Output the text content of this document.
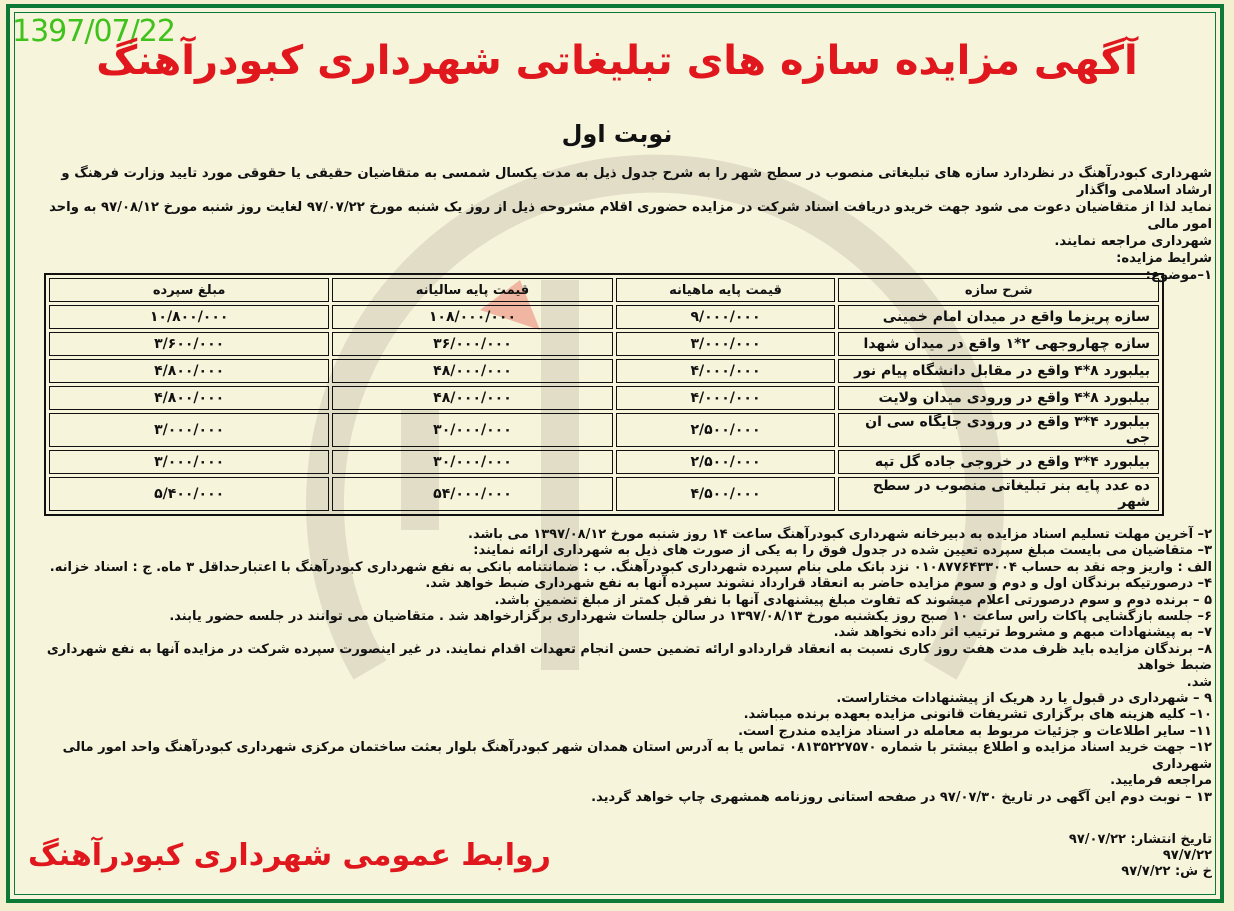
1397/07/22
آگهی مزایده سازه های تبلیغاتی شهرداری کبودرآهنگ
نوبت اول

شهرداری کبودرآهنگ در نظردارد سازه های تبلیغاتی منصوب در سطح شهر را به شرح جدول ذیل به مدت یکسال شمسی به متقاضیان حقیقی یا حقوقی مورد تایید وزارت فرهنگ و ارشاد اسلامی واگذار

نماید لذا از متقاضیان دعوت می شود جهت خریدو دریافت اسناد شرکت در مزایده حضوری اقلام مشروحه ذیل از روز یک شنبه مورخ ۹۷/۰۷/۲۲ لغایت روز شنبه مورخ ۹۷/۰۸/۱۲ به واحد امور مالی

شهرداری مراجعه نمایند.

شرایط مزایده:

۱–موضوع:

شرح سازه	قیمت پایه ماهیانه	قیمت پایه سالیانه	مبلغ سپرده
سازه پریزما واقع در میدان امام خمینی	۹/۰۰۰/۰۰۰	۱۰۸/۰۰۰/۰۰۰	۱۰/۸۰۰/۰۰۰
سازه چهاروجهی ۲*۱ واقع در میدان شهدا	۳/۰۰۰/۰۰۰	۳۶/۰۰۰/۰۰۰	۳/۶۰۰/۰۰۰
بیلبورد ۸*۴ واقع در مقابل دانشگاه پیام نور	۴/۰۰۰/۰۰۰	۴۸/۰۰۰/۰۰۰	۴/۸۰۰/۰۰۰
بیلبورد ۸*۴ واقع در ورودی میدان ولایت	۴/۰۰۰/۰۰۰	۴۸/۰۰۰/۰۰۰	۴/۸۰۰/۰۰۰
بیلبورد ۴*۳ واقع در ورودی جایگاه سی ان جی	۲/۵۰۰/۰۰۰	۳۰/۰۰۰/۰۰۰	۳/۰۰۰/۰۰۰
بیلبورد ۴*۳ واقع در خروجی جاده گل تپه	۲/۵۰۰/۰۰۰	۳۰/۰۰۰/۰۰۰	۳/۰۰۰/۰۰۰
ده عدد پایه بنر تبلیغاتی منصوب در سطح شهر	۴/۵۰۰/۰۰۰	۵۴/۰۰۰/۰۰۰	۵/۴۰۰/۰۰۰

۲– آخرین مهلت تسلیم اسناد مزایده به دبیرخانه شهرداری کبودرآهنگ ساعت ۱۴ روز شنبه مورخ ۱۳۹۷/۰۸/۱۲ می باشد.

۳– متقاضیان می بایست مبلغ سپرده تعیین شده در جدول فوق را به یکی از صورت های ذیل به شهرداری ارائه نمایند:

الف : واریز وجه نقد به حساب ۰۱۰۸۷۷۶۴۳۳۰۰۴ نزد بانک ملی بنام سپرده شهرداری کبودرآهنگ. ب : ضمانتنامه بانکی به نفع شهرداری کبودرآهنگ با اعتبارحداقل ۳ ماه. ج : اسناد خزانه.

۴– درصورتیکه برندگان اول و دوم و سوم مزایده حاضر به انعقاد قرارداد نشوند سپرده آنها به نفع شهرداری ضبط خواهد شد.

۵ – برنده دوم و سوم درصورتی اعلام میشوند که تفاوت مبلغ پیشنهادی آنها با نفر قبل کمتر از مبلغ تضمین باشد.

۶– جلسه بازگشایی پاکات راس ساعت ۱۰ صبح روز یکشنبه مورخ ۱۳۹۷/۰۸/۱۳ در سالن جلسات شهرداری برگزارخواهد شد . متقاضیان می توانند در جلسه حضور یابند.

۷– به پیشنهادات مبهم و مشروط ترتیب اثر داده نخواهد شد.

۸– برندگان مزایده باید ظرف مدت هفت روز کاری نسبت به انعقاد قراردادو ارائه تضمین حسن انجام تعهدات اقدام نمایند. در غیر اینصورت سپرده شرکت در مزایده آنها به نفع شهرداری ضبط خواهد

شد.

۹ – شهرداری در قبول یا رد هریک از پیشنهادات مختاراست.

۱۰– کلیه هزینه های برگزاری تشریفات قانونی مزایده بعهده برنده میباشد.

۱۱– سایر اطلاعات و جزئیات مربوط به معامله در اسناد مزایده مندرج است.

۱۲– جهت خرید اسناد مزایده و اطلاع بیشتر با شماره ۰۸۱۳۵۲۲۷۵۷۰ تماس یا به آدرس استان همدان شهر کبودرآهنگ بلوار بعثت ساختمان مرکزی شهرداری کبودرآهنگ واحد امور مالی شهرداری

مراجعه فرمایید.

۱۳ – نوبت دوم این آگهی در تاریخ ۹۷/۰۷/۳۰ در صفحه استانی روزنامه همشهری چاپ خواهد گردید.

تاریخ انتشار: ۹۷/۰۷/۲۲

۹۷/۷/۲۲

خ ش: ۹۷/۷/۲۲

روابط عمومی شهرداری کبودرآهنگ
